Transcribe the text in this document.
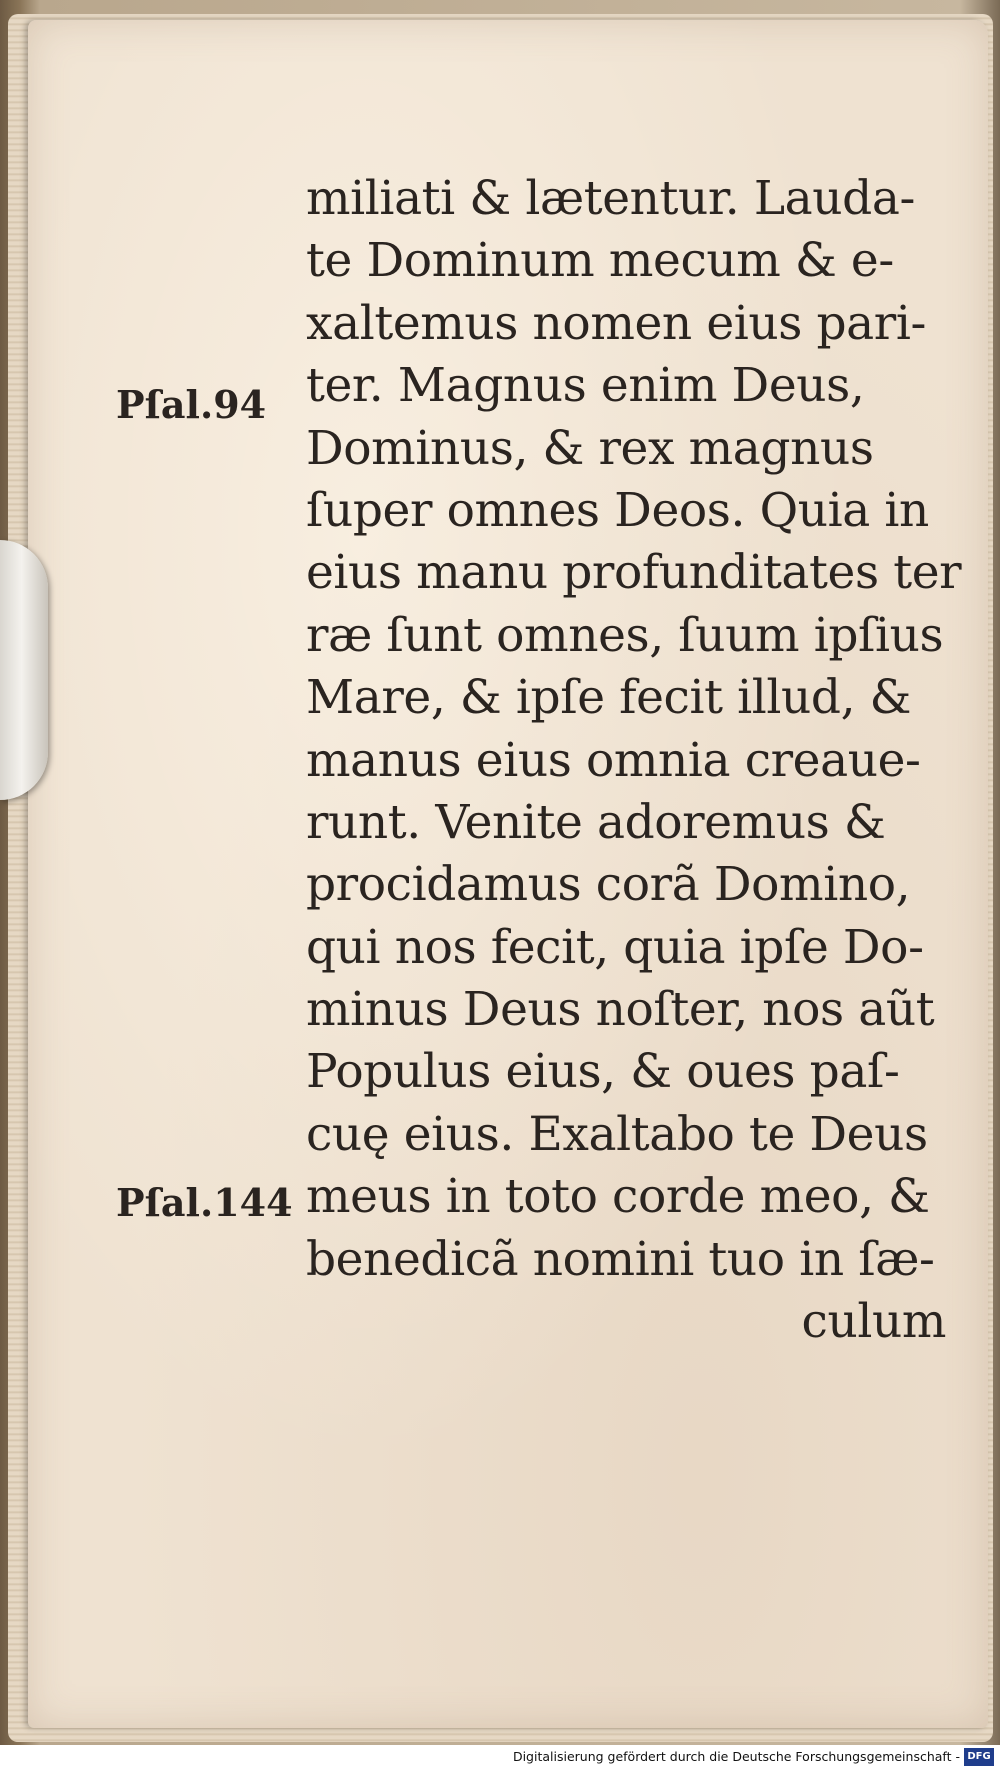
miliati & lætentur. Lauda-
te Dominum mecum & e-
xaltemus nomen eius pari-
ter. Magnus enim Deus,
Dominus, & rex magnus
ſuper omnes Deos. Quia in
eius manu profunditates ter
ræ ſunt omnes, ſuum ipſius
Mare, & ipſe fecit illud, &
manus eius omnia creaue-
runt. Venite adoremus &
procidamus corã Domino,
qui nos fecit, quia ipſe Do-
minus Deus noſter, nos aũt
Populus eius, & oues paſ-
cuę eius. Exaltabo te Deus
meus in toto corde meo, &
benedicã nomini tuo in ſæ-
culum
Pſal.94
Pſal.144
Digitalisierung gefördert durch die Deutsche Forschungsgemeinschaft - DFG
